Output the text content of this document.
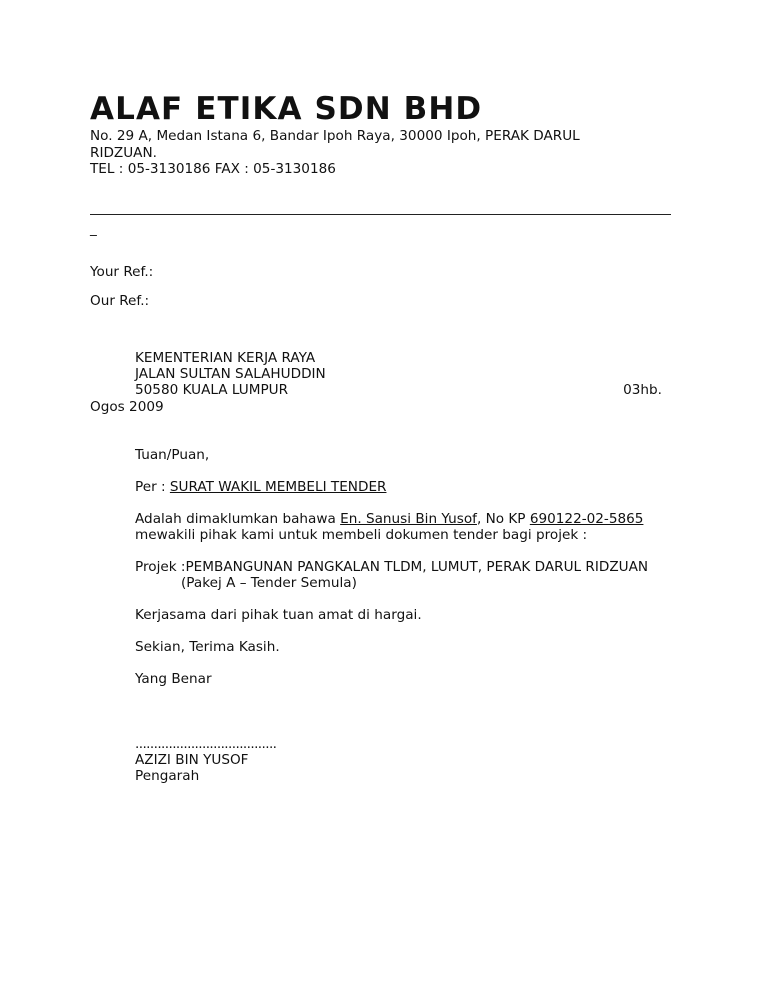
ALAF ETIKA SDN BHD
No. 29 A, Medan Istana 6, Bandar Ipoh Raya, 30000 Ipoh, PERAK DARUL
RIDZUAN.
TEL : 05-3130186 FAX : 05-3130186
_
Your Ref.:
Our Ref.:
KEMENTERIAN KERJA RAYA
JALAN SULTAN SALAHUDDIN
50580 KUALA LUMPUR	03hb.
Ogos 2009
Tuan/Puan,
Per : SURAT WAKIL MEMBELI TENDER
Adalah dimaklumkan bahawa En. Sanusi Bin Yusof, No KP 690122-02-5865
mewakili pihak kami untuk membeli dokumen tender bagi projek :
Projek :PEMBANGUNAN PANGKALAN TLDM, LUMUT, PERAK DARUL RIDZUAN
(Pakej A – Tender Semula)
Kerjasama dari pihak tuan amat di hargai.
Sekian, Terima Kasih.
Yang Benar
......................................
AZIZI BIN YUSOF
Pengarah
